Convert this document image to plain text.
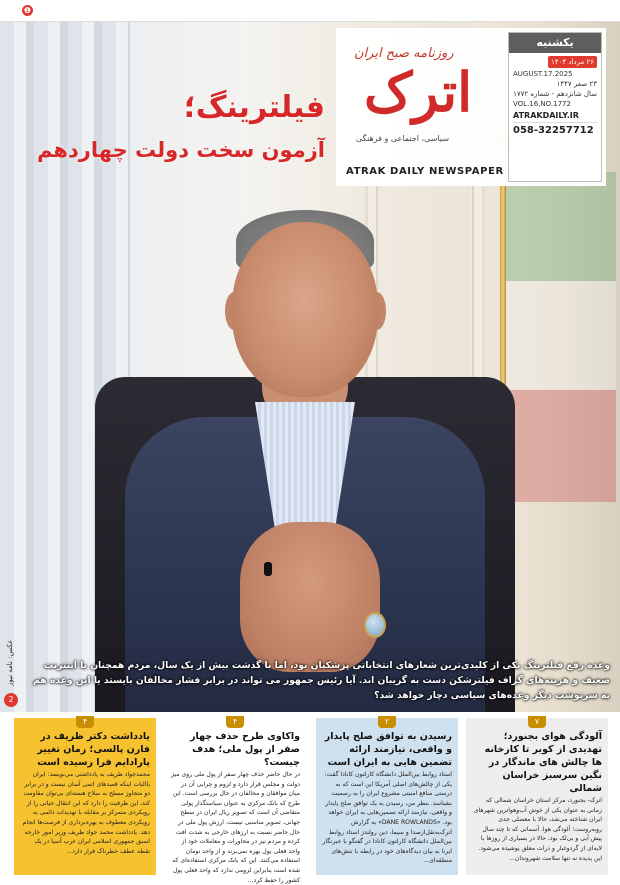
❶
روزنامه صبح ایران
اترک
سیاسی، اجتماعی و فرهنگی
ATRAK DAILY NEWSPAPER
یکشنبه
۲۶ مرداد ۱۴۰۴
AUGUST.17.2025
۲۳ صفر ۱۴۴۷
سال شانزدهم - شماره ۱۷۷۲
VOL.16,NO.1772
ATRAKDAILY.IR
058-32257712
فیلترینگ؛
آزمون سخت دولت چهاردهم
وعده رفع فیلترینگ یکی از کلیدی‌ترین شعارهای انتخاباتی پزشکیان بود، اما با گذشت بیش از یک سال، مردم همچنان با اینترنت ضعیف و هزینه‌های گزاف فیلترشکن دست به گریبان اند. آیا رئیس جمهور می تواند در برابر فشار مخالفان بایستد یا این وعده هم به سرنوشت دیگر وعده‌های سیاسی دچار خواهد شد؟
عکس: نامه نیوز
2
۷
آلودگی هوای بجنورد؛ تهدیدی از کویر تا کارخانه ها چالش های ماندگار در نگین سرسبز خراسان شمالی
اترک- بجنورد، مرکز استان خراسان شمالی که زمانی به عنوان یکی از خوش آب‌وهواترین شهرهای ایران شناخته می‌شد، حالا با معضلی جدی روبه‌روست؛ آلودگی هوا. آسمانی که تا چند سال پیش آبی و بی‌لک بود، حالا در بسیاری از روزها با لایه‌ای از گردوغبار و ذرات معلق پوشیده می‌شود. این پدیده نه تنها سلامت شهروندان...
۲
رسیدن به توافق صلح پایدار و واقعی، نیازمند ارائه تضمین هایی به ایران است
استاد روابط بین‌الملل دانشگاه کارلتون کانادا گفت: یکی از چالش‌های اصلی آمریکا این است که به درستی منافع امنیتی مشروع ایران را به رسمیت بشناسد. بنظر من، رسیدن به یک توافق صلح پایدار و واقعی، نیازمند ارائه تضمین‌هایی به ایران خواهد بود. «DANE ROWLANDS» به گزارش اترک‌به‌نقل‌ازصدا و سیما، دین رولندز استاد روابط بین‌الملل دانشگاه کارلتون کانادا در گفتگو با خبرنگار ایرنا به بیان دیدگاه‌های خود در رابطه با تنش‌های منطقه‌ای...
۴
واکاوی طرح حذف چهار صفر از پول ملی؛ هدف چیست؟
در حال حاضر حذف چهار صفر از پول ملی روی میز دولت و مجلس قرار دارد و لزوم و چرایی آن در میان موافقان و مخالفان در حال بررسی است. این طرح که بانک مرکزی به عنوان سیاستگذار پولی متقاضی آن است که تصویر ریال ایران در سطح جهانی، تصویر مناسبی نیست، ارزش پول ملی در حال حاضر نسبت به ارزهای خارجی به شدت افت کرده و مردم نیز در محاورات و معاملات خود از واحد فعلی پول بهره نمی‌برند و از واحد تومان استفاده می‌کنند. این که بانک مرکزی استفاده‌ای که شده است بنابراین لزومی ندارد که واحد فعلی پول کشور را حفظ کرد...
۴
یادداشت دکتر ظریف در فارن پالسی؛ زمان تغییر پارادایم فرا رسیده است
محمدجواد ظریف به یادداشتی می‌نویسد: ایران باالبات اینکه قصدهای اتمی آسان نیست و در برابر دو متجاوز مسلح به سلاح هسته‌ای بی‌توان مقاومت کند، این ظرفیت را دارد که این انتقال حیاتی را از رویکردی متمرکز بر مقابله با تهدیدات دائمی به رویکردی معطوف به بهره‌برداری از فرصت‌ها انجام دهد. یادداشت محمد جواد ظریف وزیر امور خارجه اسبق جمهوری اسلامی ایران غرب آسیا در یک نقطه عطف خطرناک قرار دارد...
